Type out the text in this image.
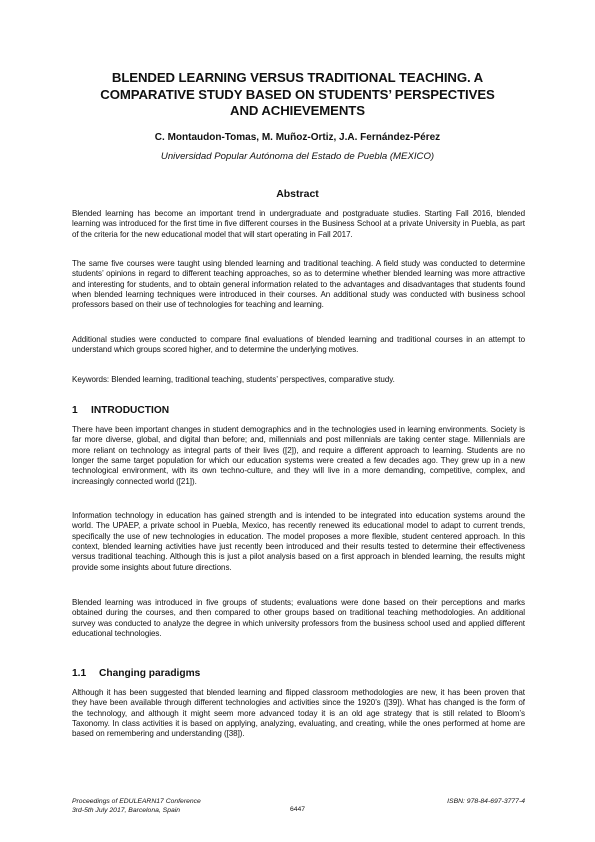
BLENDED LEARNING VERSUS TRADITIONAL TEACHING. A
COMPARATIVE STUDY BASED ON STUDENTS’ PERSPECTIVES
AND ACHIEVEMENTS
C. Montaudon-Tomas, M. Muñoz-Ortiz, J.A. Fernández-Pérez
Universidad Popular Autónoma del Estado de Puebla (MEXICO)
Abstract

Blended learning has become an important trend in undergraduate and postgraduate studies. Starting Fall 2016, blended learning was introduced for the first time in five different courses in the Business School at a private University in Puebla, as part of the criteria for the new educational model that will start operating in Fall 2017.

The same five courses were taught using blended learning and traditional teaching. A field study was conducted to determine students’ opinions in regard to different teaching approaches, so as to determine whether blended learning was more attractive and interesting for students, and to obtain general information related to the advantages and disadvantages that students found when blended learning techniques were introduced in their courses. An additional study was conducted with business school professors based on their use of technologies for teaching and learning.

Additional studies were conducted to compare final evaluations of blended learning and traditional courses in an attempt to understand which groups scored higher, and to determine the underlying motives.

Keywords: Blended learning, traditional teaching, students’ perspectives, comparative study.

1 INTRODUCTION

There have been important changes in student demographics and in the technologies used in learning environments. Society is far more diverse, global, and digital than before; and, millennials and post millennials are taking center stage. Millennials are more reliant on technology as integral parts of their lives ([2]), and require a different approach to learning. Students are no longer the same target population for which our education systems were created a few decades ago. They grew up in a new technological environment, with its own techno-culture, and they will live in a more demanding, competitive, complex, and increasingly connected world ([21]).

Information technology in education has gained strength and is intended to be integrated into education systems around the world. The UPAEP, a private school in Puebla, Mexico, has recently renewed its educational model to adapt to current trends, specifically the use of new technologies in education. The model proposes a more flexible, student centered approach. In this context, blended learning activities have just recently been introduced and their results tested to determine their effectiveness versus traditional teaching. Although this is just a pilot analysis based on a first approach in blended learning, the results might provide some insights about future directions.

Blended learning was introduced in five groups of students; evaluations were done based on their perceptions and marks obtained during the courses, and then compared to other groups based on traditional teaching methodologies. An additional survey was conducted to analyze the degree in which university professors from the business school used and applied different educational technologies.

1.1 Changing paradigms

Although it has been suggested that blended learning and flipped classroom methodologies are new, it has been proven that they have been available through different technologies and activities since the 1920’s ([39]). What has changed is the form of the technology, and although it might seem more advanced today it is an old age strategy that is still related to Bloom’s Taxonomy. In class activities it is based on applying, analyzing, evaluating, and creating, while the ones performed at home are based on remembering and understanding ([38]).

Proceedings of EDULEARN17 Conference
3rd-5th July 2017, Barcelona, Spain	6447
ISBN: 978-84-697-3777-4
